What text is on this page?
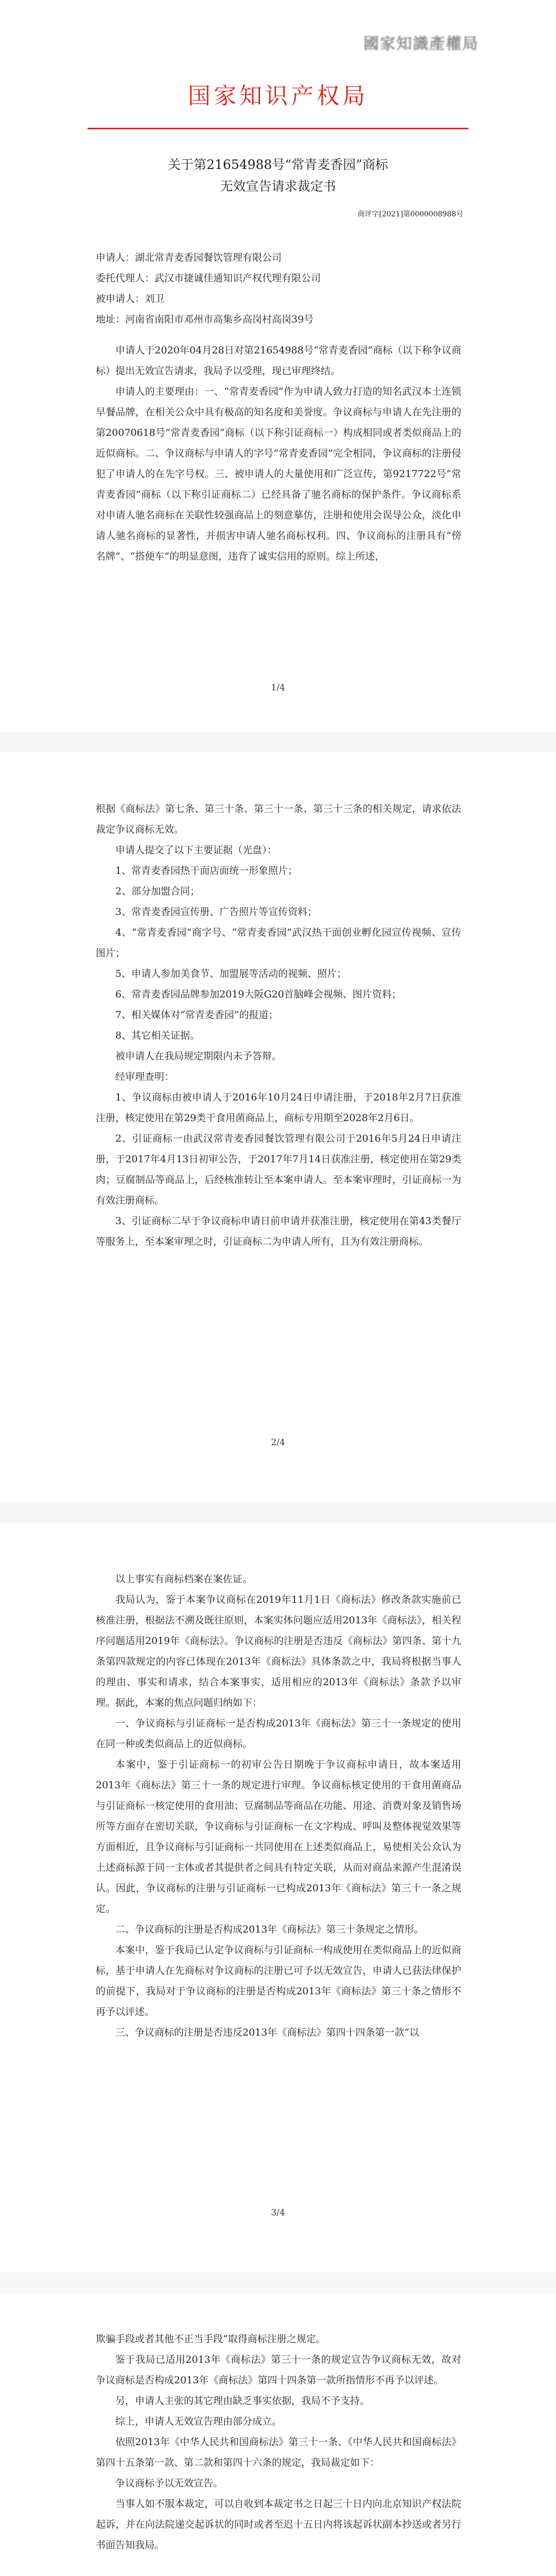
國家知識產權局
国家知识产权局
关于第21654988号“常青麦香园”商标
无效宣告请求裁定书
商评字[2021]第0000008988号

申请人：湖北常青麦香园餐饮管理有限公司

委托代理人：武汉市捷诚佳通知识产权代理有限公司

被申请人：刘卫

地址：河南省南阳市邓州市高集乡高岗村高岗39号

申请人于2020年04月28日对第21654988号“常青麦香园”商标（以下称争议商标）提出无效宣告请求，我局予以受理，现已审理终结。

申请人的主要理由：一、“常青麦香园”作为申请人致力打造的知名武汉本土连锁早餐品牌，在相关公众中具有极高的知名度和美誉度。争议商标与申请人在先注册的第20070618号“常青麦香园”商标（以下称引证商标一）构成相同或者类似商品上的近似商标。二、争议商标与申请人的字号“常青麦香园”完全相同，争议商标的注册侵犯了申请人的在先字号权。三、被申请人的大量使用和广泛宣传，第9217722号“常青麦香园”商标（以下称引证商标二）已经具备了驰名商标的保护条件。争议商标系对申请人驰名商标在关联性较强商品上的刻意摹仿，注册和使用会误导公众，淡化申请人驰名商标的显著性，并损害申请人驰名商标权利。四、争议商标的注册具有“傍名牌”、“搭便车”的明显意图，违背了诚实信用的原则。综上所述，

1/4

根据《商标法》第七条、第三十条、第三十一条、第三十三条的相关规定，请求依法裁定争议商标无效。

申请人提交了以下主要证据（光盘）：

1、常青麦香园热干面店面统一形象照片；

2、部分加盟合同；

3、常青麦香园宣传册、广告照片等宣传资料；

4、“常青麦香园”商字号、“常青麦香园”武汉热干面创业孵化园宣传视频、宣传图片；

5、申请人参加美食节、加盟展等活动的视频、照片；

6、常青麦香园品牌参加2019大阪G20首脑峰会视频、图片资料；

7、相关媒体对“常青麦香园”的报道；

8、其它相关证据。

被申请人在我局规定期限内未予答辩。

经审理查明：

1、争议商标由被申请人于2016年10月24日申请注册，于2018年2月7日获准注册，核定使用在第29类干食用菌商品上，商标专用期至2028年2月6日。

2、引证商标一由武汉常青麦香园餐饮管理有限公司于2016年5月24日申请注册，于2017年4月13日初审公告，于2017年7月14日获准注册，核定使用在第29类肉；豆腐制品等商品上，后经核准转让至本案申请人。至本案审理时，引证商标一为有效注册商标。

3、引证商标二早于争议商标申请日前申请并获准注册，核定使用在第43类餐厅等服务上，至本案审理之时，引证商标二为申请人所有，且为有效注册商标。

2/4

以上事实有商标档案在案佐证。

我局认为，鉴于本案争议商标在2019年11月1日《商标法》修改条款实施前已核准注册，根据法不溯及既往原则，本案实体问题应适用2013年《商标法》，相关程序问题适用2019年《商标法》。争议商标的注册是否违反《商标法》第四条、第十九条第四款规定的内容已体现在2013年《商标法》具体条款之中，我局将根据当事人的理由、事实和请求，结合本案事实，适用相应的2013年《商标法》条款予以审理。据此，本案的焦点问题归纳如下：

一、争议商标与引证商标一是否构成2013年《商标法》第三十一条规定的使用在同一种或类似商品上的近似商标。

本案中，鉴于引证商标一的初审公告日期晚于争议商标申请日，故本案适用2013年《商标法》第三十一条的规定进行审理。争议商标核定使用的干食用菌商品与引证商标一核定使用的食用油；豆腐制品等商品在功能、用途、消费对象及销售场所等方面存在密切关联，争议商标与引证商标一在文字构成、呼叫及整体视觉效果等方面相近，且争议商标与引证商标一共同使用在上述类似商品上，易使相关公众认为上述商标源于同一主体或者其提供者之间具有特定关联，从而对商品来源产生混淆误认。因此，争议商标的注册与引证商标一已构成2013年《商标法》第三十一条之规定。

二、争议商标的注册是否构成2013年《商标法》第三十条规定之情形。

本案中，鉴于我局已认定争议商标与引证商标一构成使用在类似商品上的近似商标，基于申请人在先商标对争议商标的注册已可予以无效宣告，申请人已获法律保护的前提下，我局对于争议商标的注册是否构成2013年《商标法》第三十条之情形不再予以评述。

三、争议商标的注册是否违反2013年《商标法》第四十四条第一款“以

3/4

欺骗手段或者其他不正当手段”取得商标注册之规定。

鉴于我局已适用2013年《商标法》第三十一条的规定宣告争议商标无效，故对争议商标是否构成2013年《商标法》第四十四条第一款所指情形不再予以评述。

另，申请人主张的其它理由缺乏事实依据，我局不予支持。

综上，申请人无效宣告理由部分成立。

依照2013年《中华人民共和国商标法》第三十一条、《中华人民共和国商标法》第四十五条第一款、第二款和第四十六条的规定，我局裁定如下：

争议商标予以无效宣告。

当事人如不服本裁定，可以自收到本裁定书之日起三十日内向北京知识产权法院起诉，并在向法院递交起诉状的同时或者至迟十五日内将该起诉状副本抄送或者另行书面告知我局。
